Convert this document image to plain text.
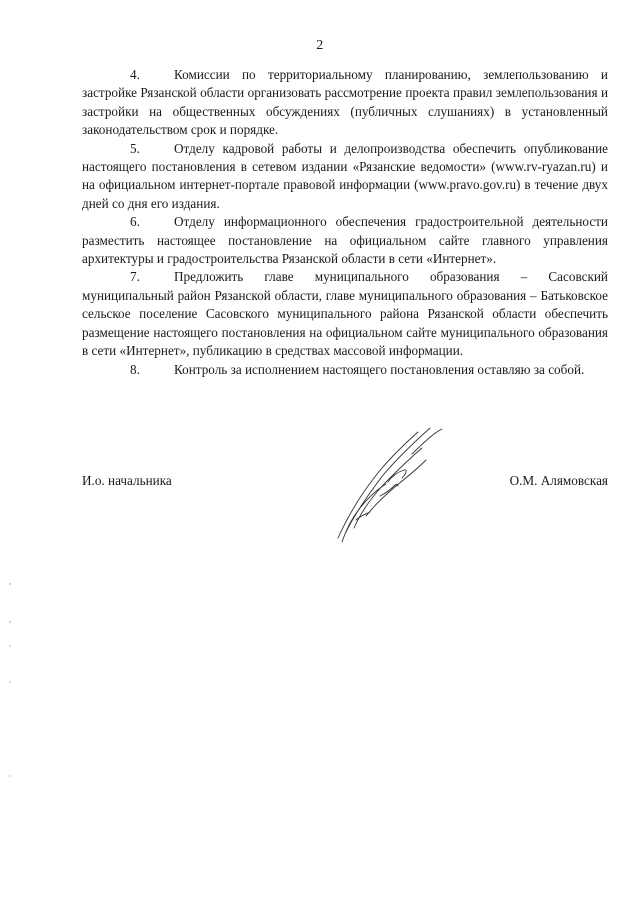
2

4.	Комиссии по территориальному планированию, землепользованию и застройке Рязанской области организовать рассмотрение проекта правил землепользования и застройки на общественных обсуждениях (публичных слушаниях) в установленный законодательством срок и порядке.

5.	Отделу кадровой работы и делопроизводства обеспечить опубликование настоящего постановления в сетевом издании «Рязанские ведомости» (www.rv-ryazan.ru) и на официальном интернет-портале правовой информации (www.pravo.gov.ru) в течение двух дней со дня его издания.

6.	Отделу информационного обеспечения градостроительной деятельности разместить настоящее постановление на официальном сайте главного управления архитектуры и градостроительства Рязанской области в сети «Интернет».

7.	Предложить главе муниципального образования – Сасовский муниципальный район Рязанской области, главе муниципального образования – Батьковское сельское поселение Сасовского муниципального района Рязанской области обеспечить размещение настоящего постановления на официальном сайте муниципального образования в сети «Интернет», публикацию в средствах массовой информации.

8.	Контроль за исполнением настоящего постановления оставляю за собой.

И.о. начальника	О.М. Алямовская
